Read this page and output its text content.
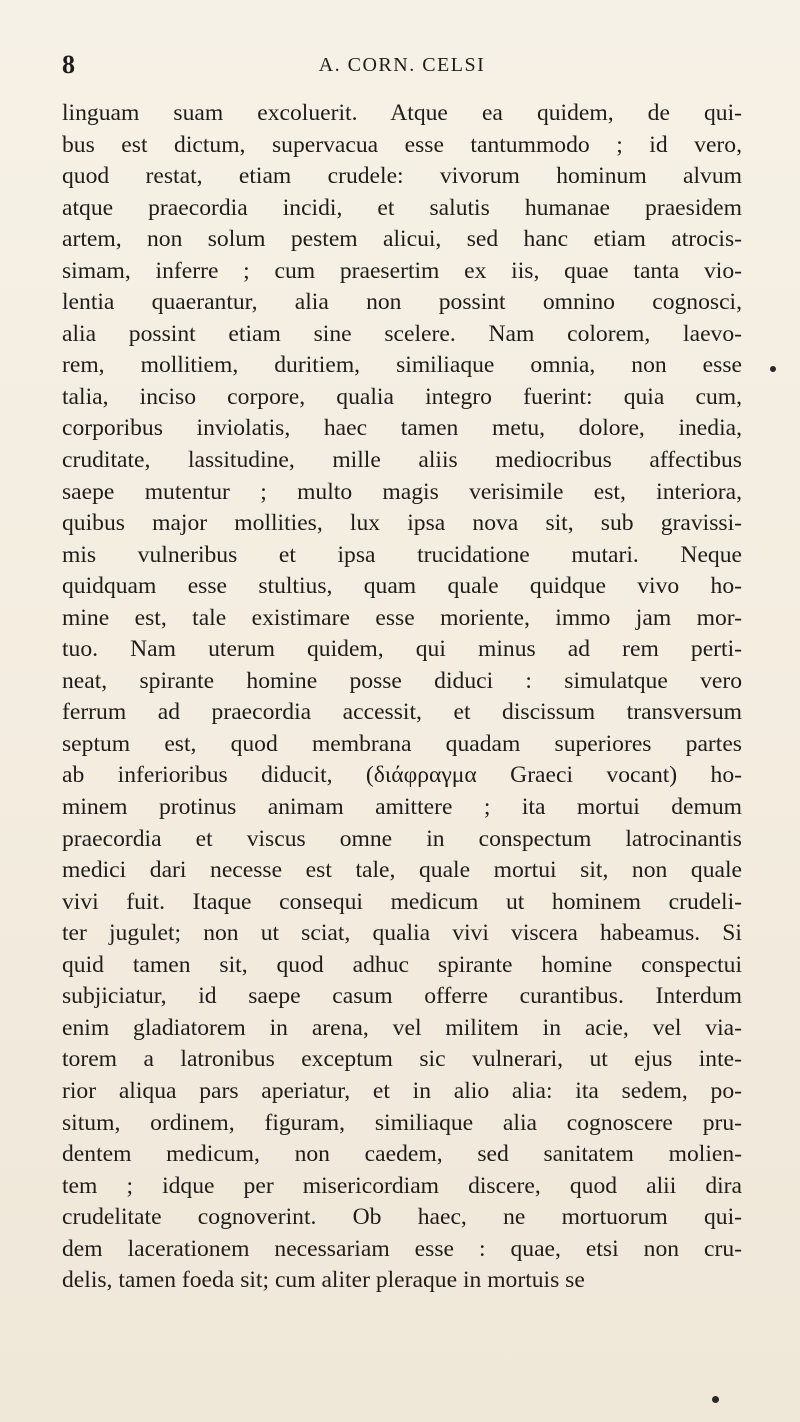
8	A. CORN. CELSI
linguam suam excoluerit. Atque ea quidem, de qui-
bus est dictum, supervacua esse tantummodo ; id vero,
quod restat, etiam crudele: vivorum hominum alvum
atque praecordia incidi, et salutis humanae praesidem
artem, non solum pestem alicui, sed hanc etiam atrocis-
simam, inferre ; cum praesertim ex iis, quae tanta vio-
lentia quaerantur, alia non possint omnino cognosci,
alia possint etiam sine scelere. Nam colorem, laevo-
rem, mollitiem, duritiem, similiaque omnia, non esse
talia, inciso corpore, qualia integro fuerint: quia cum,
corporibus inviolatis, haec tamen metu, dolore, inedia,
cruditate, lassitudine, mille aliis mediocribus affectibus
saepe mutentur ; multo magis verisimile est, interiora,
quibus major mollities, lux ipsa nova sit, sub gravissi-
mis vulneribus et ipsa trucidatione mutari. Neque
quidquam esse stultius, quam quale quidque vivo ho-
mine est, tale existimare esse moriente, immo jam mor-
tuo. Nam uterum quidem, qui minus ad rem perti-
neat, spirante homine posse diduci : simulatque vero
ferrum ad praecordia accessit, et discissum transversum
septum est, quod membrana quadam superiores partes
ab inferioribus diducit, (διάφραγμα Graeci vocant) ho-
minem protinus animam amittere ; ita mortui demum
praecordia et viscus omne in conspectum latrocinantis
medici dari necesse est tale, quale mortui sit, non quale
vivi fuit. Itaque consequi medicum ut hominem crudeli-
ter jugulet; non ut sciat, qualia vivi viscera habeamus. Si
quid tamen sit, quod adhuc spirante homine conspectui
subjiciatur, id saepe casum offerre curantibus. Interdum
enim gladiatorem in arena, vel militem in acie, vel via-
torem a latronibus exceptum sic vulnerari, ut ejus inte-
rior aliqua pars aperiatur, et in alio alia: ita sedem, po-
situm, ordinem, figuram, similiaque alia cognoscere pru-
dentem medicum, non caedem, sed sanitatem molien-
tem ; idque per misericordiam discere, quod alii dira
crudelitate cognoverint. Ob haec, ne mortuorum qui-
dem lacerationem necessariam esse : quae, etsi non cru-
delis, tamen foeda sit; cum aliter pleraque in mortuis se
